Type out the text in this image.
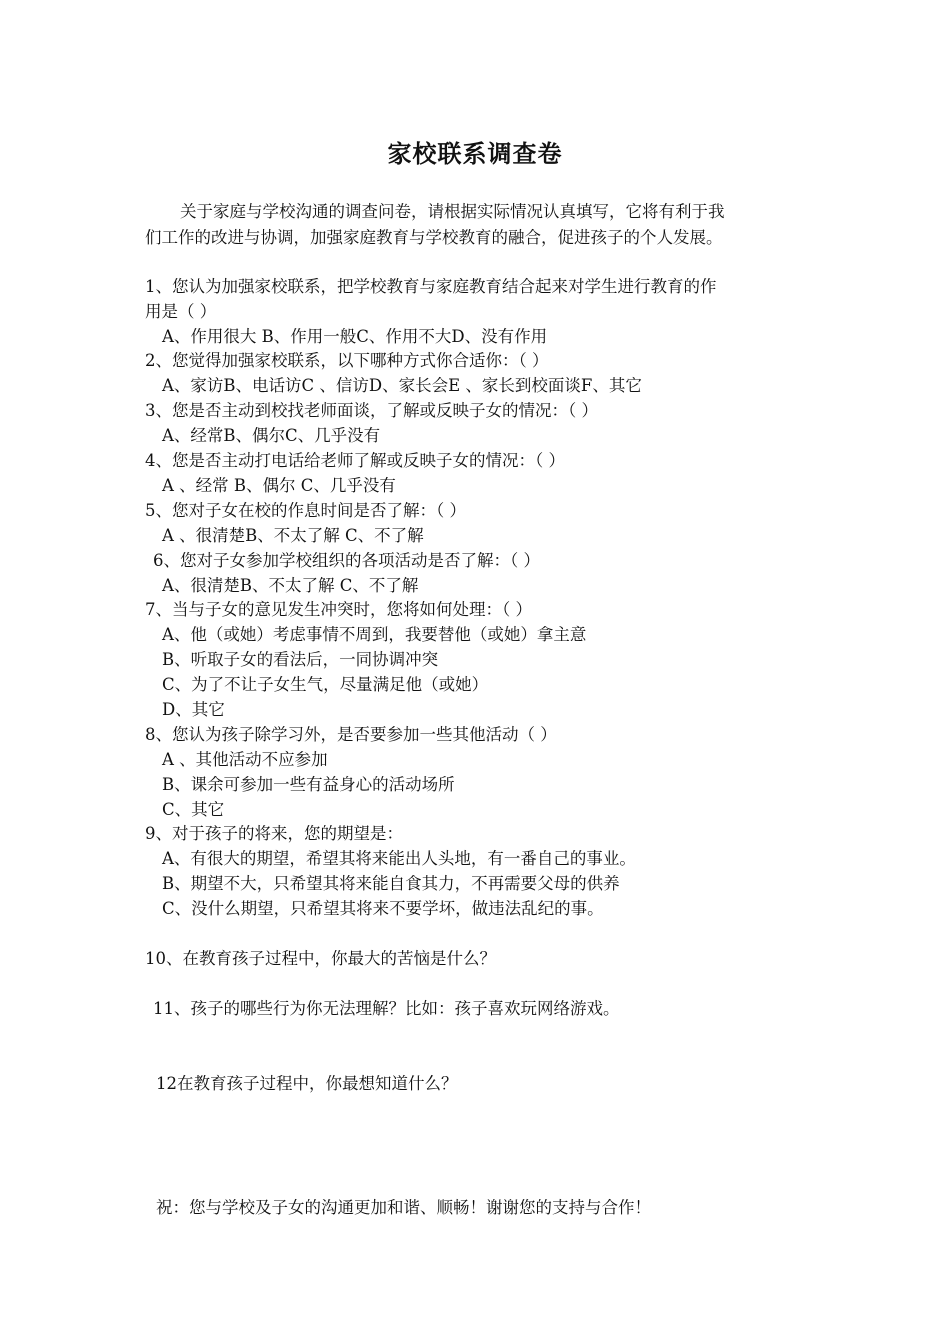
家校联系调查卷
关于家庭与学校沟通的调查问卷，请根据实际情况认真填写，它将有利于我
们工作的改进与协调，加强家庭教育与学校教育的融合，促进孩子的个人发展。
1、您认为加强家校联系，把学校教育与家庭教育结合起来对学生进行教育的作
用是（ ）
A、作用很大 B、作用一般C、作用不大D、没有作用
2、您觉得加强家校联系，以下哪种方式你合适你：（ ）
A、家访B、电话访C 、信访D、家长会E 、家长到校面谈F、其它
3、您是否主动到校找老师面谈，了解或反映子女的情况：（ ）
A、经常B、偶尔C、几乎没有
4、您是否主动打电话给老师了解或反映子女的情况：（ ）
A 、经常 B、偶尔 C、几乎没有
5、您对子女在校的作息时间是否了解：（ ）
A 、很清楚B、不太了解 C、不了解
6、您对子女参加学校组织的各项活动是否了解：（ ）
A、很清楚B、不太了解 C、不了解
7、当与子女的意见发生冲突时，您将如何处理：（ ）
A、他（或她）考虑事情不周到，我要替他（或她）拿主意
B、听取子女的看法后，一同协调冲突
C、为了不让子女生气，尽量满足他（或她）
D、其它
8、您认为孩子除学习外，是否要参加一些其他活动（ ）
A 、其他活动不应参加
B、课余可参加一些有益身心的活动场所
C、其它
9、对于孩子的将来，您的期望是：
A、有很大的期望，希望其将来能出人头地，有一番自己的事业。
B、期望不大，只希望其将来能自食其力，不再需要父母的供养
C、没什么期望，只希望其将来不要学坏，做违法乱纪的事。
10、在教育孩子过程中，你最大的苦恼是什么？
11、孩子的哪些行为你无法理解？比如：孩子喜欢玩网络游戏。
12在教育孩子过程中，你最想知道什么？
祝：您与学校及子女的沟通更加和谐、顺畅！谢谢您的支持与合作！
